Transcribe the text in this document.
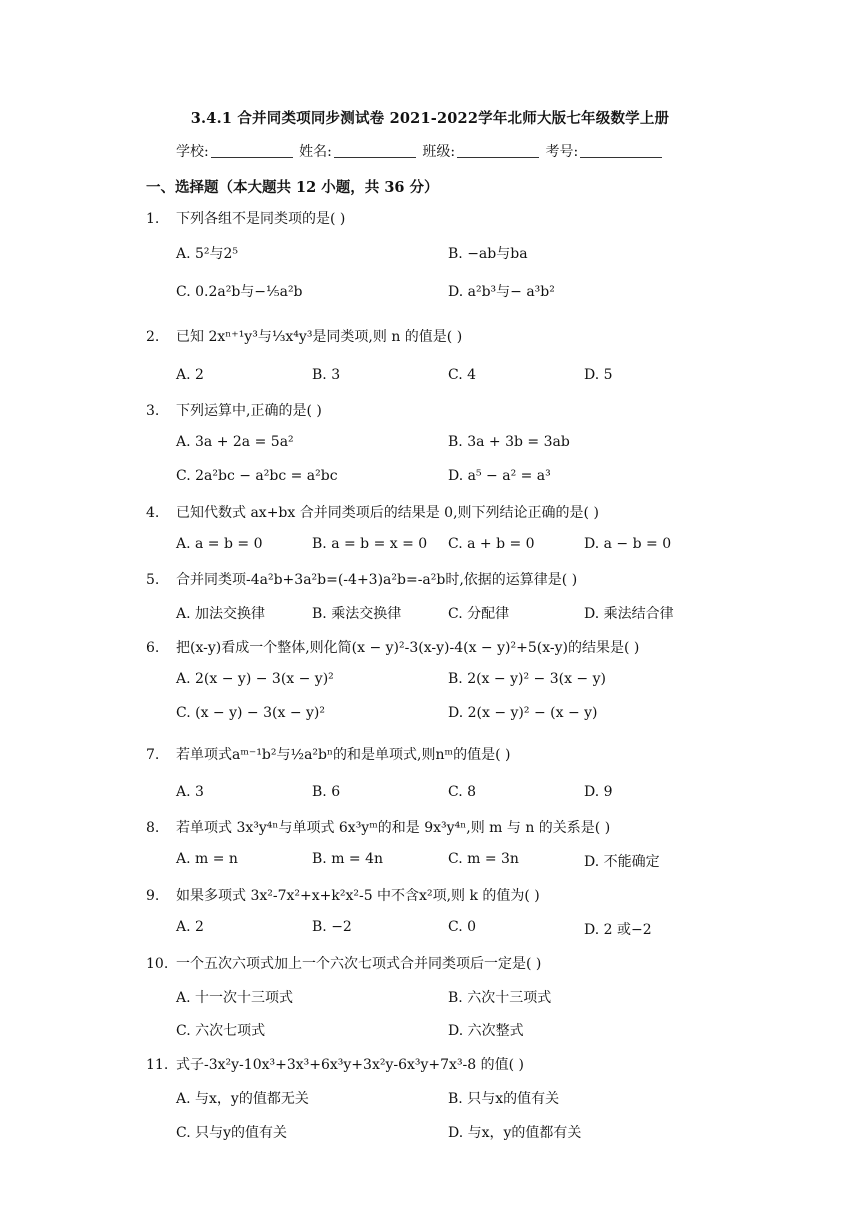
3.4.1 合并同类项同步测试卷 2021-2022学年北师大版七年级数学上册
学校:	姓名:	班级:	考号:
一、选择题（本大题共 12 小题，共 36 分）
1. 下列各组不是同类项的是( )
A. 5²与2⁵	B. −ab与ba
C. 0.2a²b与−⅕a²b	D. a²b³与− a³b²
2. 已知 2xⁿ⁺¹y³与⅓x⁴y³是同类项,则 n 的值是( )
A. 2	B. 3	C. 4	D. 5
3. 下列运算中,正确的是( )
A. 3a + 2a = 5a²	B. 3a + 3b = 3ab
C. 2a²bc − a²bc = a²bc	D. a⁵ − a² = a³
4. 已知代数式 ax+bx 合并同类项后的结果是 0,则下列结论正确的是( )
A. a = b = 0	B. a = b = x = 0 C. a + b = 0	D. a − b = 0
5. 合并同类项-4a²b+3a²b=(-4+3)a²b=-a²b时,依据的运算律是( )
A. 加法交换律	B. 乘法交换律	C. 分配律	D. 乘法结合律
6. 把(x-y)看成一个整体,则化简(x − y)²-3(x-y)-4(x − y)²+5(x-y)的结果是( )
A. 2(x − y) − 3(x − y)²	B. 2(x − y)² − 3(x − y)
C. (x − y) − 3(x − y)²	D. 2(x − y)² − (x − y)
7. 若单项式aᵐ⁻¹b²与½a²bⁿ的和是单项式,则nᵐ的值是( )
A. 3	B. 6	C. 8	D. 9
8. 若单项式 3x³y⁴ⁿ与单项式 6x³yᵐ的和是 9x³y⁴ⁿ,则 m 与 n 的关系是( )
A. m = n	B. m = 4n	C. m = 3n	D. 不能确定
9. 如果多项式 3x²-7x²+x+k²x²-5 中不含x²项,则 k 的值为( )
A. 2	B. −2	C. 0	D. 2 或−2
10. 一个五次六项式加上一个六次七项式合并同类项后一定是( )
A. 十一次十三项式	B. 六次十三项式
C. 六次七项式	D. 六次整式
11. 式子-3x²y-10x³+3x³+6x³y+3x²y-6x³y+7x³-8 的值( )
A. 与x，y的值都无关	B. 只与x的值有关
C. 只与y的值有关	D. 与x，y的值都有关
